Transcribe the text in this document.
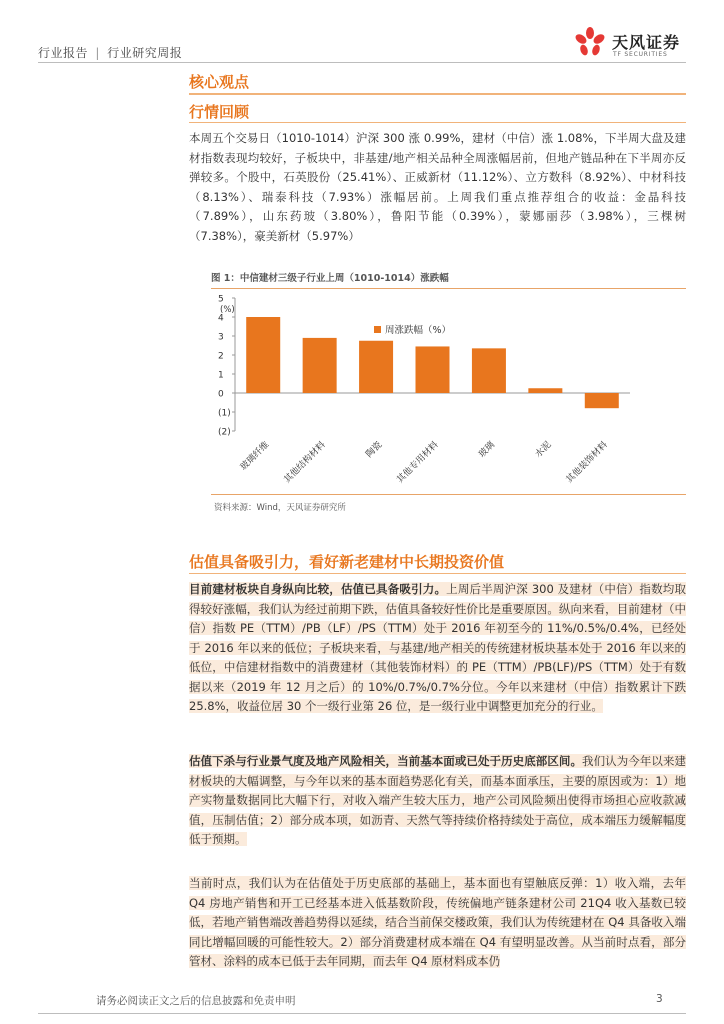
行业报告 | 行业研究周报
天风证券
TF SECURITIES
核心观点
行情回顾
本周五个交易日（1010-1014）沪深 300 涨 0.99%，建材（中信）涨 1.08%，下半周大盘及建材指数表现均较好，子板块中，非基建/地产相关品种全周涨幅居前，但地产链品种在下半周亦反弹较多。个股中，石英股份（25.41%）、正威新材（11.12%）、立方数科（8.92%）、中材科技（8.13%）、瑞泰科技（7.93%）涨幅居前。上周我们重点推荐组合的收益：金晶科技（7.89%），山东药玻（3.80%），鲁阳节能（0.39%），蒙娜丽莎（3.98%），三棵树（7.38%），豪美新材（5.97%）
图 1：中信建材三级子行业上周（1010-1014）涨跌幅
5
4
3
2
1
0
(1)
(2)
(%)
玻璃纤维 其他结构材料	陶瓷 其他专用材料	玻璃	水泥 其他装饰材料
周涨跌幅（%）
资料来源：Wind，天风证券研究所
估值具备吸引力，看好新老建材中长期投资价值
目前建材板块自身纵向比较，估值已具备吸引力。上周后半周沪深 300 及建材（中信）指数均取得较好涨幅，我们认为经过前期下跌，估值具备较好性价比是重要原因。纵向来看，目前建材（中信）指数 PE（TTM）/PB（LF）/PS（TTM）处于 2016 年初至今的 11%/0.5%/0.4%，已经处于 2016 年以来的低位；子板块来看，与基建/地产相关的传统建材板块基本处于 2016 年以来的低位，中信建材指数中的消费建材（其他装饰材料）的 PE（TTM）/PB(LF)/PS（TTM）处于有数据以来（2019 年 12 月之后）的 10%/0.7%/0.7%分位。今年以来建材（中信）指数累计下跌 25.8%，收益位居 30 个一级行业第 26 位，是一级行业中调整更加充分的行业。
估值下杀与行业景气度及地产风险相关，当前基本面或已处于历史底部区间。我们认为今年以来建材板块的大幅调整，与今年以来的基本面趋势恶化有关，而基本面承压，主要的原因或为：1）地产实物量数据同比大幅下行，对收入端产生较大压力，地产公司风险频出使得市场担心应收款减值，压制估值；2）部分成本项，如沥青、天然气等持续价格持续处于高位，成本端压力缓解幅度低于预期。
当前时点，我们认为在估值处于历史底部的基础上，基本面也有望触底反弹：1）收入端，去年 Q4 房地产销售和开工已经基本进入低基数阶段，传统偏地产链条建材公司 21Q4 收入基数已较低，若地产销售端改善趋势得以延续，结合当前保交楼政策，我们认为传统建材在 Q4 具备收入端同比增幅回暖的可能性较大。2）部分消费建材成本端在 Q4 有望明显改善。从当前时点看，部分管材、涂料的成本已低于去年同期，而去年 Q4 原材料成本仍
请务必阅读正文之后的信息披露和免责申明	3
